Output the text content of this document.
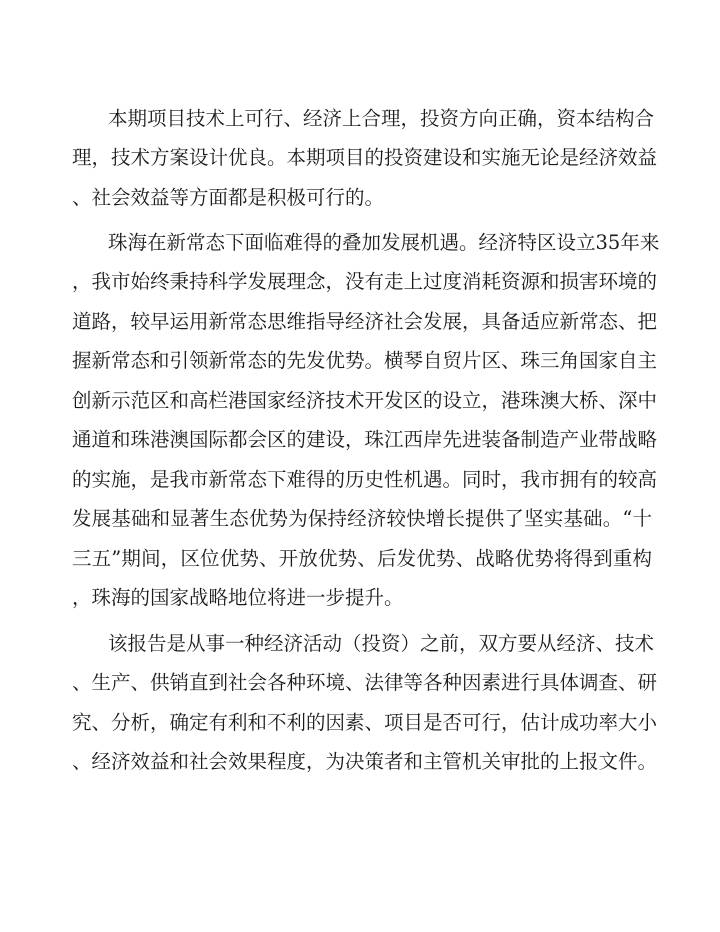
本期项目技术上可行、经济上合理，投资方向正确，资本结构合
理，技术方案设计优良。本期项目的投资建设和实施无论是经济效益
、社会效益等方面都是积极可行的。
珠海在新常态下面临难得的叠加发展机遇。经济特区设立35年来
，我市始终秉持科学发展理念，没有走上过度消耗资源和损害环境的
道路，较早运用新常态思维指导经济社会发展，具备适应新常态、把
握新常态和引领新常态的先发优势。横琴自贸片区、珠三角国家自主
创新示范区和高栏港国家经济技术开发区的设立，港珠澳大桥、深中
通道和珠港澳国际都会区的建设，珠江西岸先进装备制造产业带战略
的实施，是我市新常态下难得的历史性机遇。同时，我市拥有的较高
发展基础和显著生态优势为保持经济较快增长提供了坚实基础。“十
三五”期间，区位优势、开放优势、后发优势、战略优势将得到重构
，珠海的国家战略地位将进一步提升。
该报告是从事一种经济活动（投资）之前，双方要从经济、技术
、生产、供销直到社会各种环境、法律等各种因素进行具体调查、研
究、分析，确定有利和不利的因素、项目是否可行，估计成功率大小
、经济效益和社会效果程度，为决策者和主管机关审批的上报文件。
